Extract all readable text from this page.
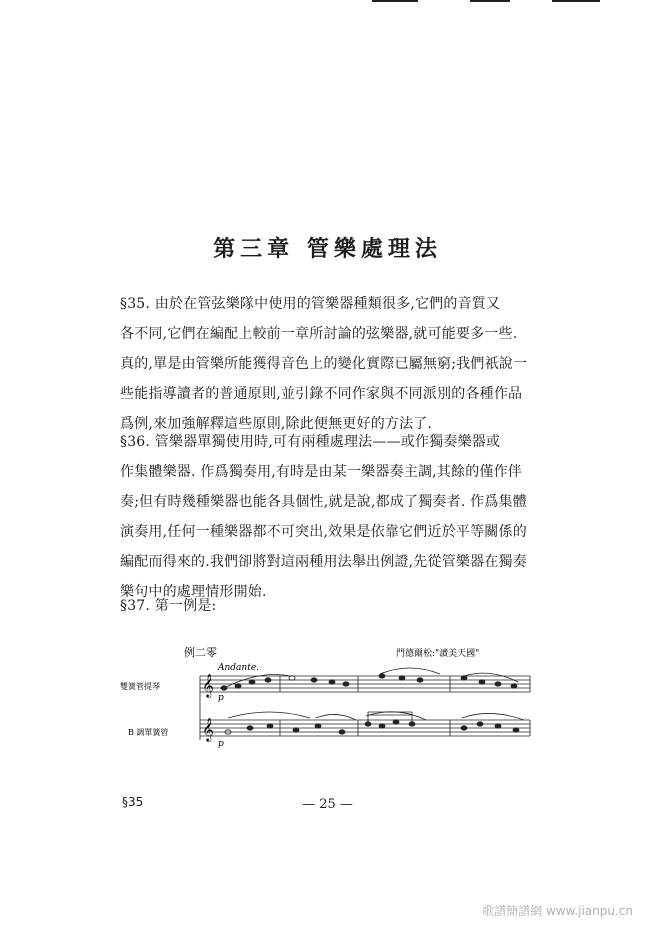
第三章 管樂處理法
§35. 由於在管弦樂隊中使用的管樂器種類很多,它們的音質又
各不同,它們在編配上較前一章所討論的弦樂器,就可能要多一些.
真的,單是由管樂所能獲得音色上的變化實際已屬無窮;我們祇說一
些能指導讀者的普通原則,並引錄不同作家與不同派別的各種作品
爲例,來加強解釋這些原則,除此便無更好的方法了.
§36. 管樂器單獨使用時,可有兩種處理法——或作獨奏樂器或
作集體樂器. 作爲獨奏用,有時是由某一樂器奏主調,其餘的僅作伴
奏;但有時幾種樂器也能各具個性,就是說,都成了獨奏者. 作爲集體
演奏用,任何一種樂器都不可突出,效果是依靠它們近於平等關係的
編配而得來的.我們卻將對這兩種用法舉出例證,先從管樂器在獨奏
樂句中的處理情形開始.
§37. 第一例是:
例二零	門德爾松:"讀美天國"
Andante.
雙簧管提琴
B 調單簧管
𝄞
p
𝄞
p
§35	— 25 —
歌譜簡譜網 www.jianpu.cn
